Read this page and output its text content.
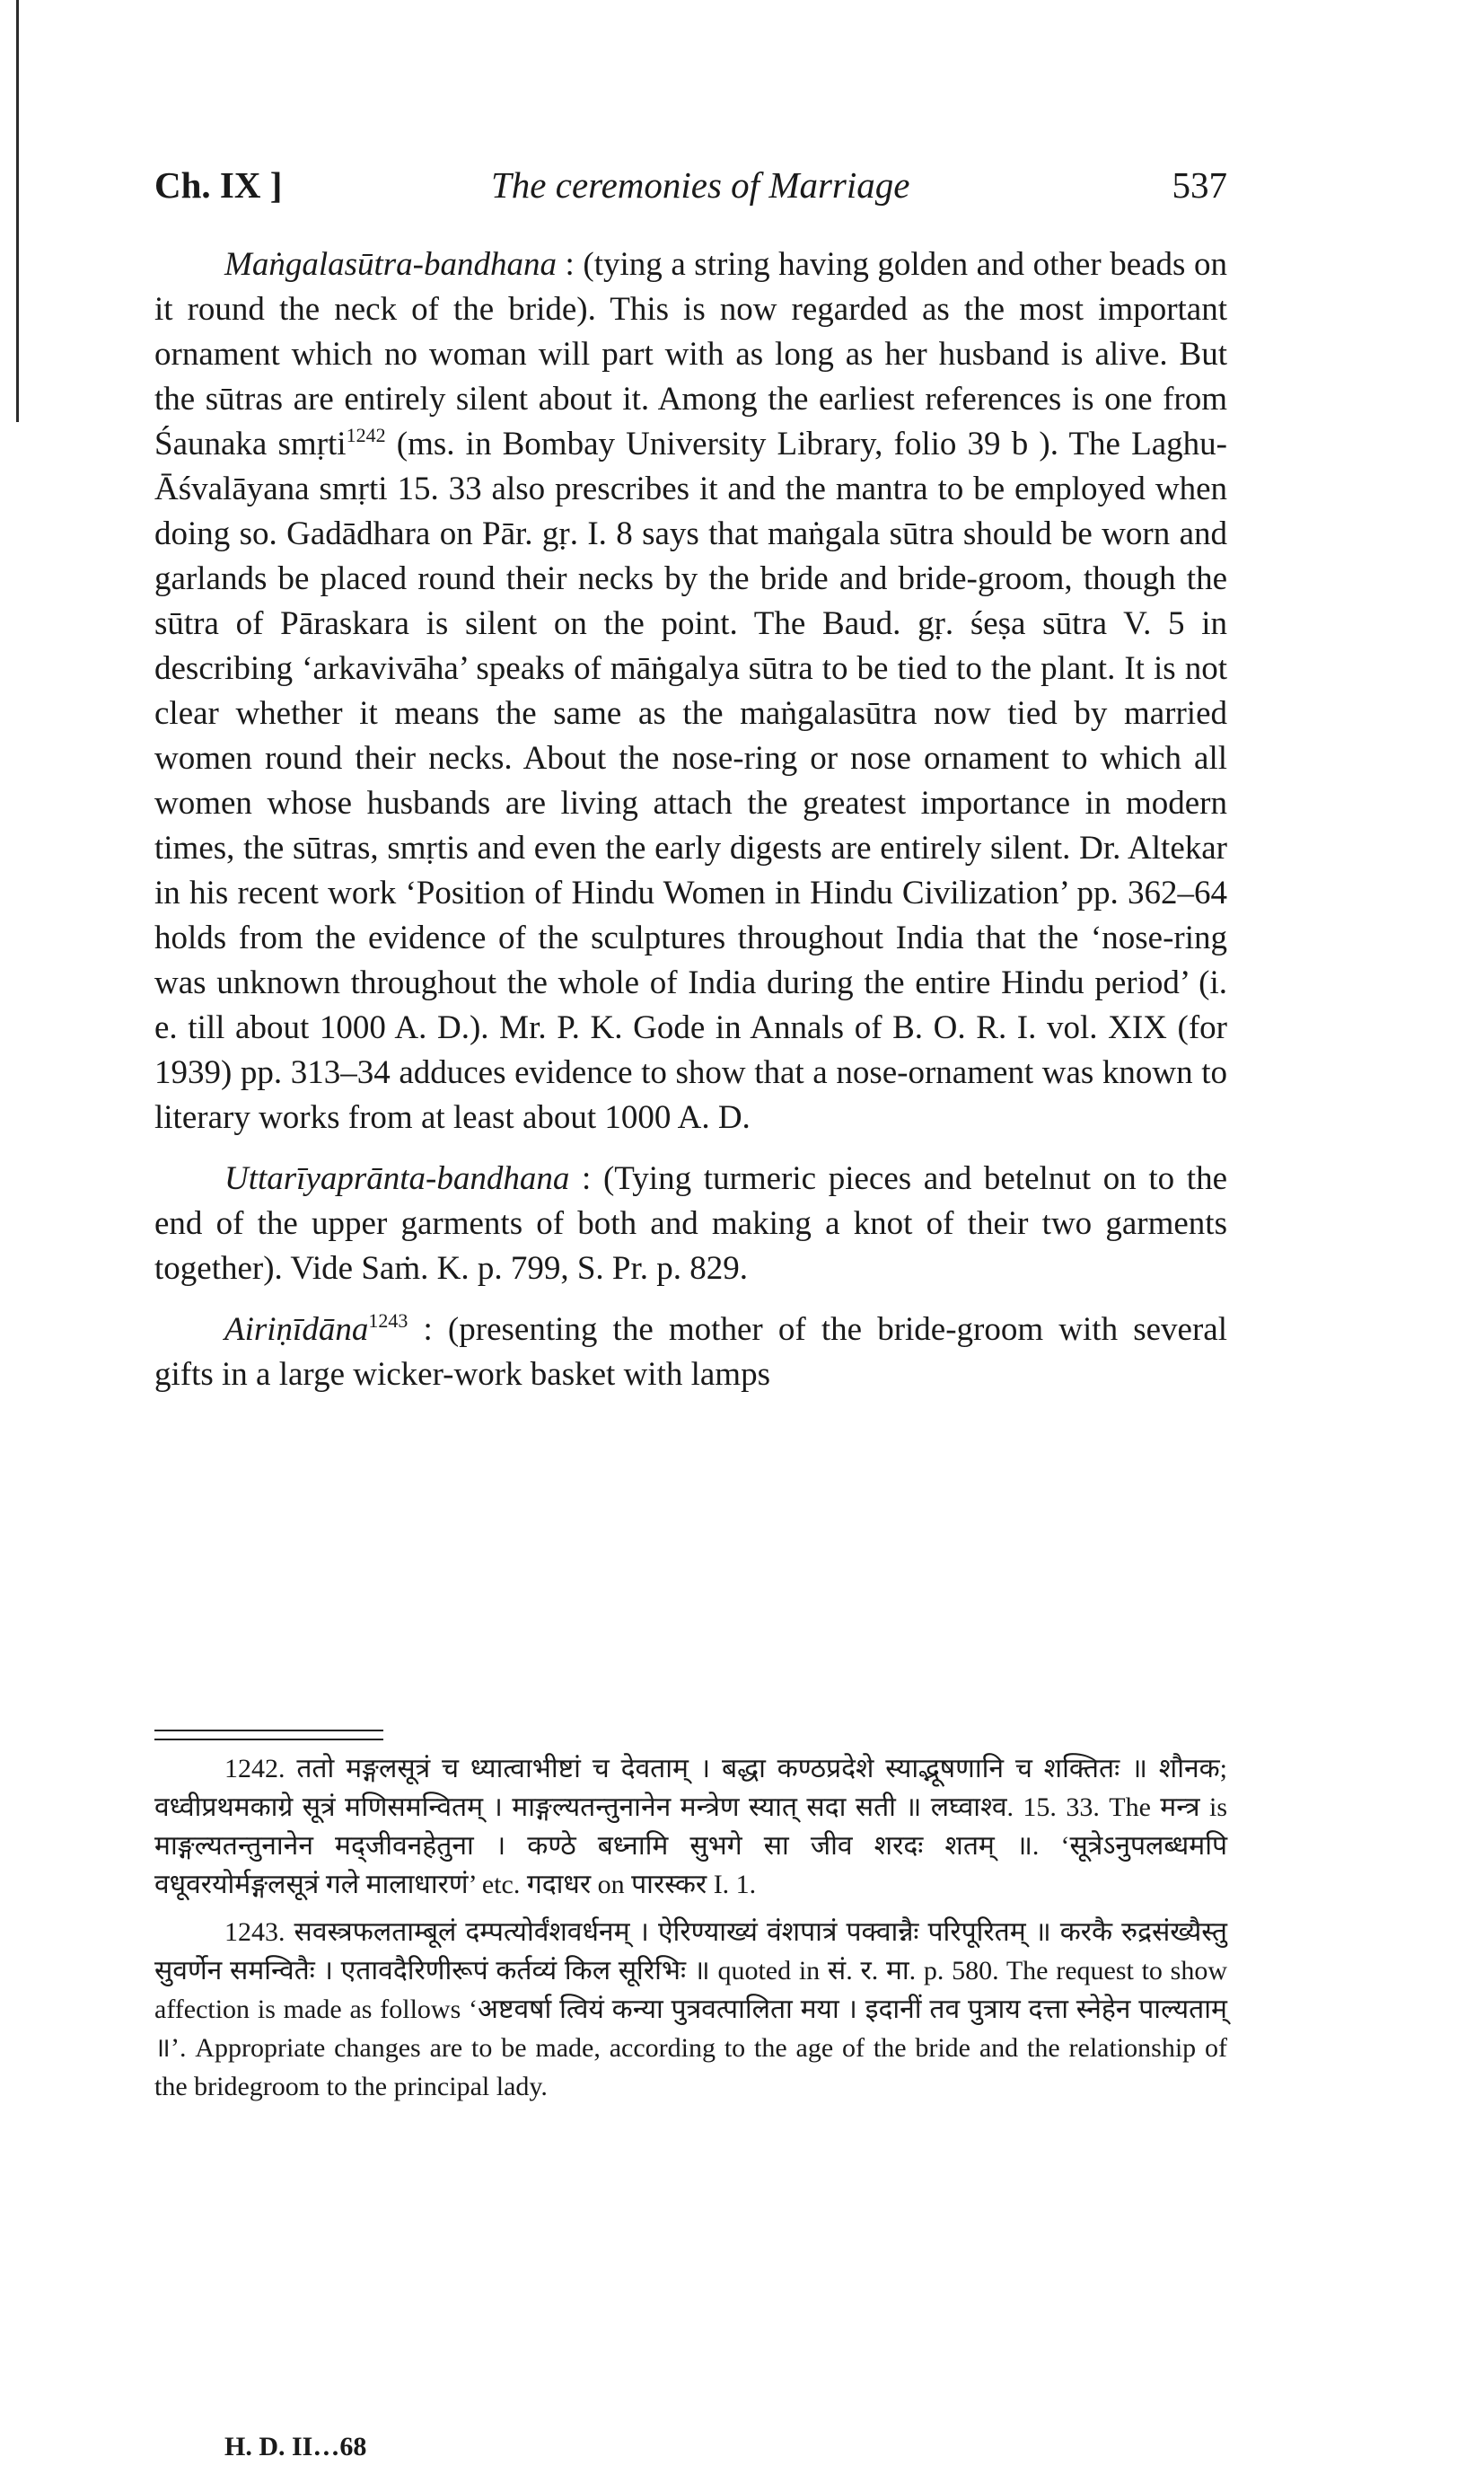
Ch. IX ]	The ceremonies of Marriage	537

Maṅgalasūtra-bandhana : (tying a string having golden and other beads on it round the neck of the bride). This is now regarded as the most important ornament which no woman will part with as long as her husband is alive. But the sūtras are entirely silent about it. Among the earliest references is one from Śaunaka smṛti$^{1242}$ (ms. in Bombay University Library, folio 39 b ). The Laghu-Āśvalāyana smṛti 15. 33 also prescribes it and the mantra to be employed when doing so. Gadādhara on Pār. gṛ. I. 8 says that maṅgala sūtra should be worn and garlands be placed round their necks by the bride and bride-groom, though the sūtra of Pāraskara is silent on the point. The Baud. gṛ. śeṣa sūtra V. 5 in describing ‘arkavivāha’ speaks of māṅgalya sūtra to be tied to the plant. It is not clear whether it means the same as the maṅgalasūtra now tied by married women round their necks. About the nose-ring or nose ornament to which all women whose husbands are living attach the greatest importance in modern times, the sūtras, smṛtis and even the early digests are entirely silent. Dr. Altekar in his recent work ‘Position of Hindu Women in Hindu Civilization’ pp. 362–64 holds from the evidence of the sculptures throughout India that the ‘nose-ring was unknown throughout the whole of India during the entire Hindu period’ (i. e. till about 1000 A. D.). Mr. P. K. Gode in Annals of B. O. R. I. vol. XIX (for 1939) pp. 313–34 adduces evidence to show that a nose-ornament was known to literary works from at least about 1000 A. D.

Uttarīyaprānta-bandhana : (Tying turmeric pieces and betelnut on to the end of the upper garments of both and making a knot of their two garments together). Vide Saṁ. K. p. 799, S. Pr. p. 829.

Airiṇīdāna$^{1243}$ : (presenting the mother of the bride-groom with several gifts in a large wicker-work basket with lamps

1242. ततो मङ्गलसूत्रं च ध्यात्वाभीष्टां च देवताम् । बद्धा कण्ठप्रदेशे स्याद्भूषणानि च शक्तितः ॥ शौनक; वध्वीप्रथमकाग्रे सूत्रं मणिसमन्वितम् । माङ्गल्यतन्तुनानेन मन्त्रेण स्यात् सदा सती ॥ लघ्वाश्व. 15. 33. The मन्त्र is माङ्गल्यतन्तुनानेन मद्जीवनहेतुना । कण्ठे बध्नामि सुभगे सा जीव शरदः शतम् ॥. ‘सूत्रेऽनुपलब्धमपि वधूवरयोर्मङ्गलसूत्रं गले मालाधारणं’ etc. गदाधर on पारस्कर I. 1.

1243. सवस्त्रफलताम्बूलं दम्पत्योर्वंशवर्धनम् । ऐरिण्याख्यं वंशपात्रं पक्वान्नैः परिपूरितम् ॥ करकै रुद्रसंख्यैस्तु सुवर्णेन समन्वितैः । एतावदैरिणीरूपं कर्तव्यं किल सूरिभिः ॥ quoted in सं. र. मा. p. 580. The request to show affection is made as follows ‘अष्टवर्षा त्वियं कन्या पुत्रवत्पालिता मया । इदानीं तव पुत्राय दत्ता स्नेहेन पाल्यताम् ॥’. Appropriate changes are to be made, according to the age of the bride and the relationship of the bridegroom to the principal lady.

H. D. II…68
